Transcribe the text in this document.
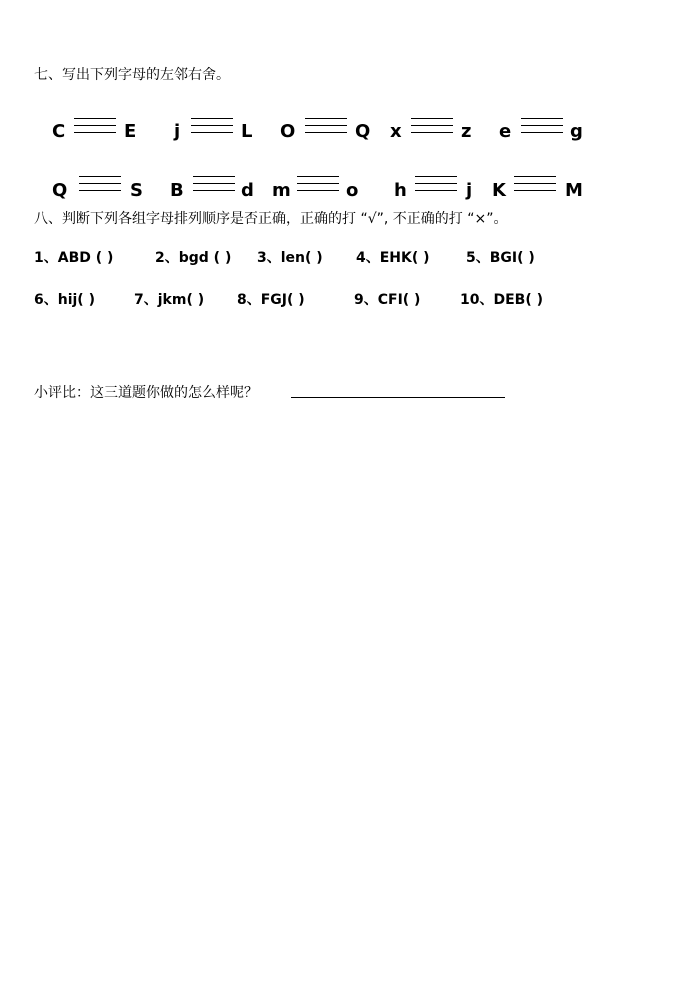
七、写出下列字母的左邻右舍。
C	E j	L O	Q x	z e	g
Q	S B	d m	o h	j K	M
八、判断下列各组字母排列顺序是否正确，正确的打 “√”, 不正确的打 “×”。
1、ABD ( )	2、bgd ( ) 3、len( ) 4、EHK( )	5、BGI( )
6、hij( )	7、jkm( ) 8、FGJ( )	9、CFI( )	10、DEB( )
小评比：这三道题你做的怎么样呢？
